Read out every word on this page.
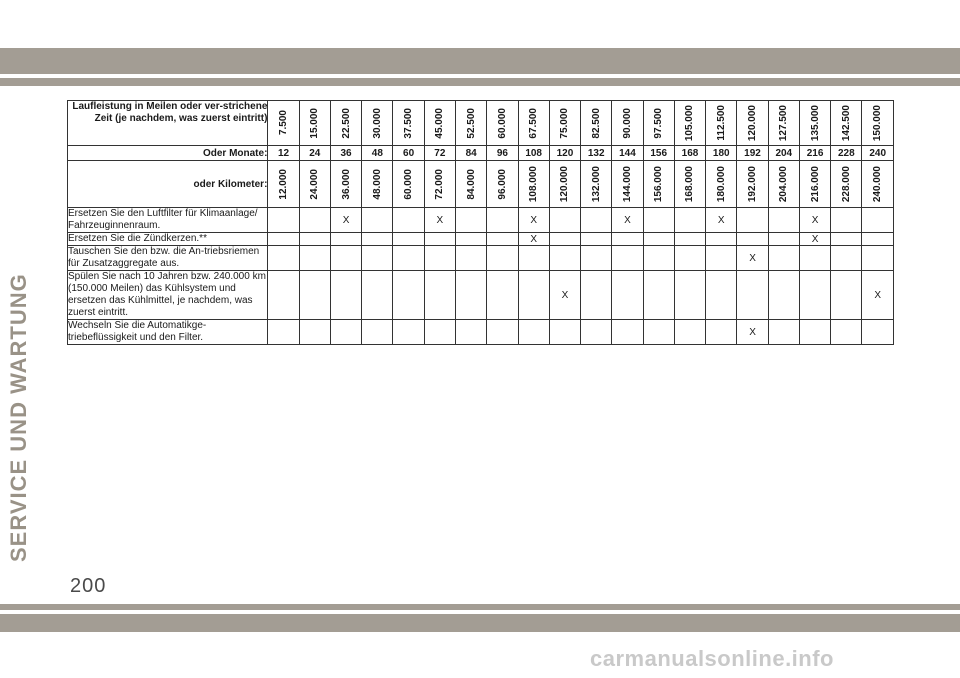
SERVICE UND WARTUNG
Laufleistung in Meilen oder ver-strichene Zeit (je nachdem, was zuerst eintritt)	7.500	15.000	22.500	30.000	37.500	45.000	52.500	60.000	67.500	75.000	82.500	90.000	97.500	105.000	112.500	120.000	127.500	135.000	142.500	150.000

Oder Monate:	12	24	36	48	60	72	84	96	108	120	132	144	156	168	180	192	204	216	228	240
oder Kilometer:	12.000	24.000	36.000	48.000	60.000	72.000	84.000	96.000	108.000	120.000	132.000	144.000	156.000	168.000	180.000	192.000	204.000	216.000	228.000	240.000

Ersetzen Sie den Luftfilter für Klimaanlage/ Fahrzeuginnenraum.			X			X			X			X			X			X		
Ersetzen Sie die Zündkerzen.**									X									X		
Tauschen Sie den bzw. die An-triebsriemen für Zusatzaggregate aus.																X				
Spülen Sie nach 10 Jahren bzw. 240.000 km (150.000 Meilen) das Kühlsystem und ersetzen das Kühlmittel, je nachdem, was zuerst eintritt.										X										X
Wechseln Sie die Automatikge-triebeflüssigkeit und den Filter.																X				
200
carmanualsonline.info
